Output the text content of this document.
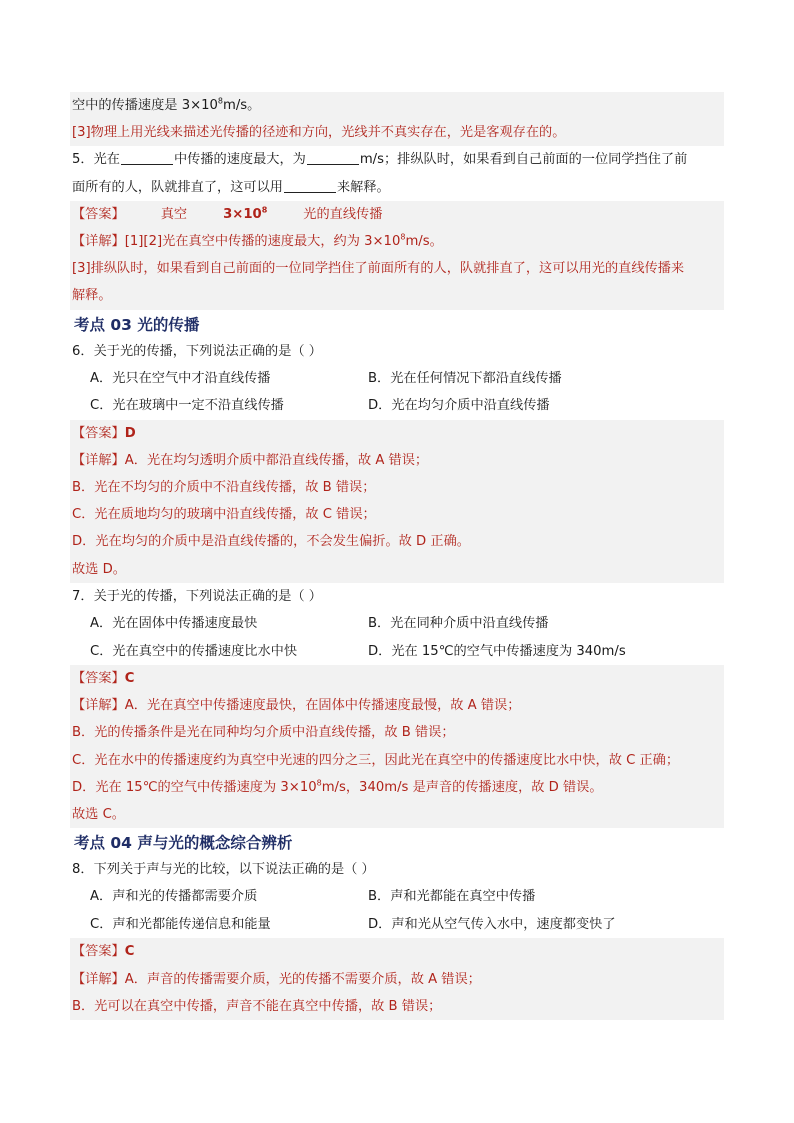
空中的传播速度是 $3\times 10^8m/s$。
[3]物理上用光线来描述光传播的径迹和方向，光线并不真实存在，光是客观存在的。
5．光在	中传播的速度最大，为	m/s；排纵队时，如果看到自己前面的一位同学挡住了前
面所有的人，队就排直了，这可以用	来解释。
【答案】	真空	$3\times 10^8$	光的直线传播
【详解】[1][2]光在真空中传播的速度最大，约为 $3\times 10^8m/s$。
[3]排纵队时，如果看到自己前面的一位同学挡住了前面所有的人，队就排直了，这可以用光的直线传播来
解释。
考点 03 光的传播
6．关于光的传播，下列说法正确的是（ ）
A．光只在空气中才沿直线传播	B．光在任何情况下都沿直线传播
C．光在玻璃中一定不沿直线传播	D．光在均匀介质中沿直线传播
【答案】D
【详解】A．光在均匀透明介质中都沿直线传播，故 A 错误；
B．光在不均匀的介质中不沿直线传播，故 B 错误；
C．光在质地均匀的玻璃中沿直线传播，故 C 错误；
D．光在均匀的介质中是沿直线传播的，不会发生偏折。故 D 正确。
故选 D。
7．关于光的传播，下列说法正确的是（ ）
A．光在固体中传播速度最快	B．光在同种介质中沿直线传播
C．光在真空中的传播速度比水中快	D．光在 15℃的空气中传播速度为 340m/s
【答案】C
【详解】A．光在真空中传播速度最快，在固体中传播速度最慢，故 A 错误；
B．光的传播条件是光在同种均匀介质中沿直线传播，故 B 错误；
C．光在水中的传播速度约为真空中光速的四分之三，因此光在真空中的传播速度比水中快，故 C 正确；
D．光在 15℃的空气中传播速度为 $3\times 10^8m/s$，340m/s 是声音的传播速度，故 D 错误。
故选 C。
考点 04 声与光的概念综合辨析
8．下列关于声与光的比较，以下说法正确的是（ ）
A．声和光的传播都需要介质	B．声和光都能在真空中传播
C．声和光都能传递信息和能量	D．声和光从空气传入水中，速度都变快了
【答案】C
【详解】A．声音的传播需要介质，光的传播不需要介质，故 A 错误；
B．光可以在真空中传播，声音不能在真空中传播，故 B 错误；
